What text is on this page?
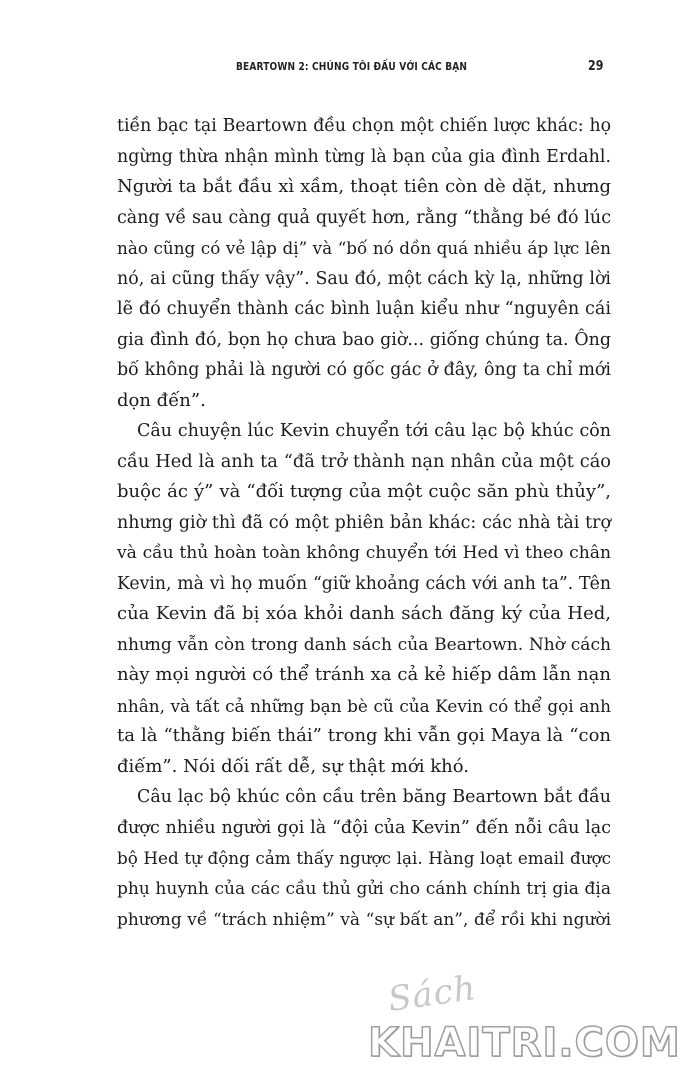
BEARTOWN 2: CHÚNG TÔI ĐẤU VỚI CÁC BẠN	29
tiền bạc tại Beartown đều chọn một chiến lược khác: họ
ngừng thừa nhận mình từng là bạn của gia đình Erdahl.
Người ta bắt đầu xì xầm, thoạt tiên còn dè dặt, nhưng
càng về sau càng quả quyết hơn, rằng “thằng bé đó lúc
nào cũng có vẻ lập dị” và “bố nó dồn quá nhiều áp lực lên
nó, ai cũng thấy vậy”. Sau đó, một cách kỳ lạ, những lời
lẽ đó chuyển thành các bình luận kiểu như “nguyên cái
gia đình đó, bọn họ chưa bao giờ... giống chúng ta. Ông
bố không phải là người có gốc gác ở đây, ông ta chỉ mới
dọn đến”.
Câu chuyện lúc Kevin chuyển tới câu lạc bộ khúc côn
cầu Hed là anh ta “đã trở thành nạn nhân của một cáo
buộc ác ý” và “đối tượng của một cuộc săn phù thủy”,
nhưng giờ thì đã có một phiên bản khác: các nhà tài trợ
và cầu thủ hoàn toàn không chuyển tới Hed vì theo chân
Kevin, mà vì họ muốn “giữ khoảng cách với anh ta”. Tên
của Kevin đã bị xóa khỏi danh sách đăng ký của Hed,
nhưng vẫn còn trong danh sách của Beartown. Nhờ cách
này mọi người có thể tránh xa cả kẻ hiếp dâm lẫn nạn
nhân, và tất cả những bạn bè cũ của Kevin có thể gọi anh
ta là “thằng biến thái” trong khi vẫn gọi Maya là “con
điếm”. Nói dối rất dễ, sự thật mới khó.
Câu lạc bộ khúc côn cầu trên băng Beartown bắt đầu
được nhiều người gọi là “đội của Kevin” đến nỗi câu lạc
bộ Hed tự động cảm thấy ngược lại. Hàng loạt email được
phụ huynh của các cầu thủ gửi cho cánh chính trị gia địa
phương về “trách nhiệm” và “sự bất an”, để rồi khi người
Sách
KHAITRI.COM
